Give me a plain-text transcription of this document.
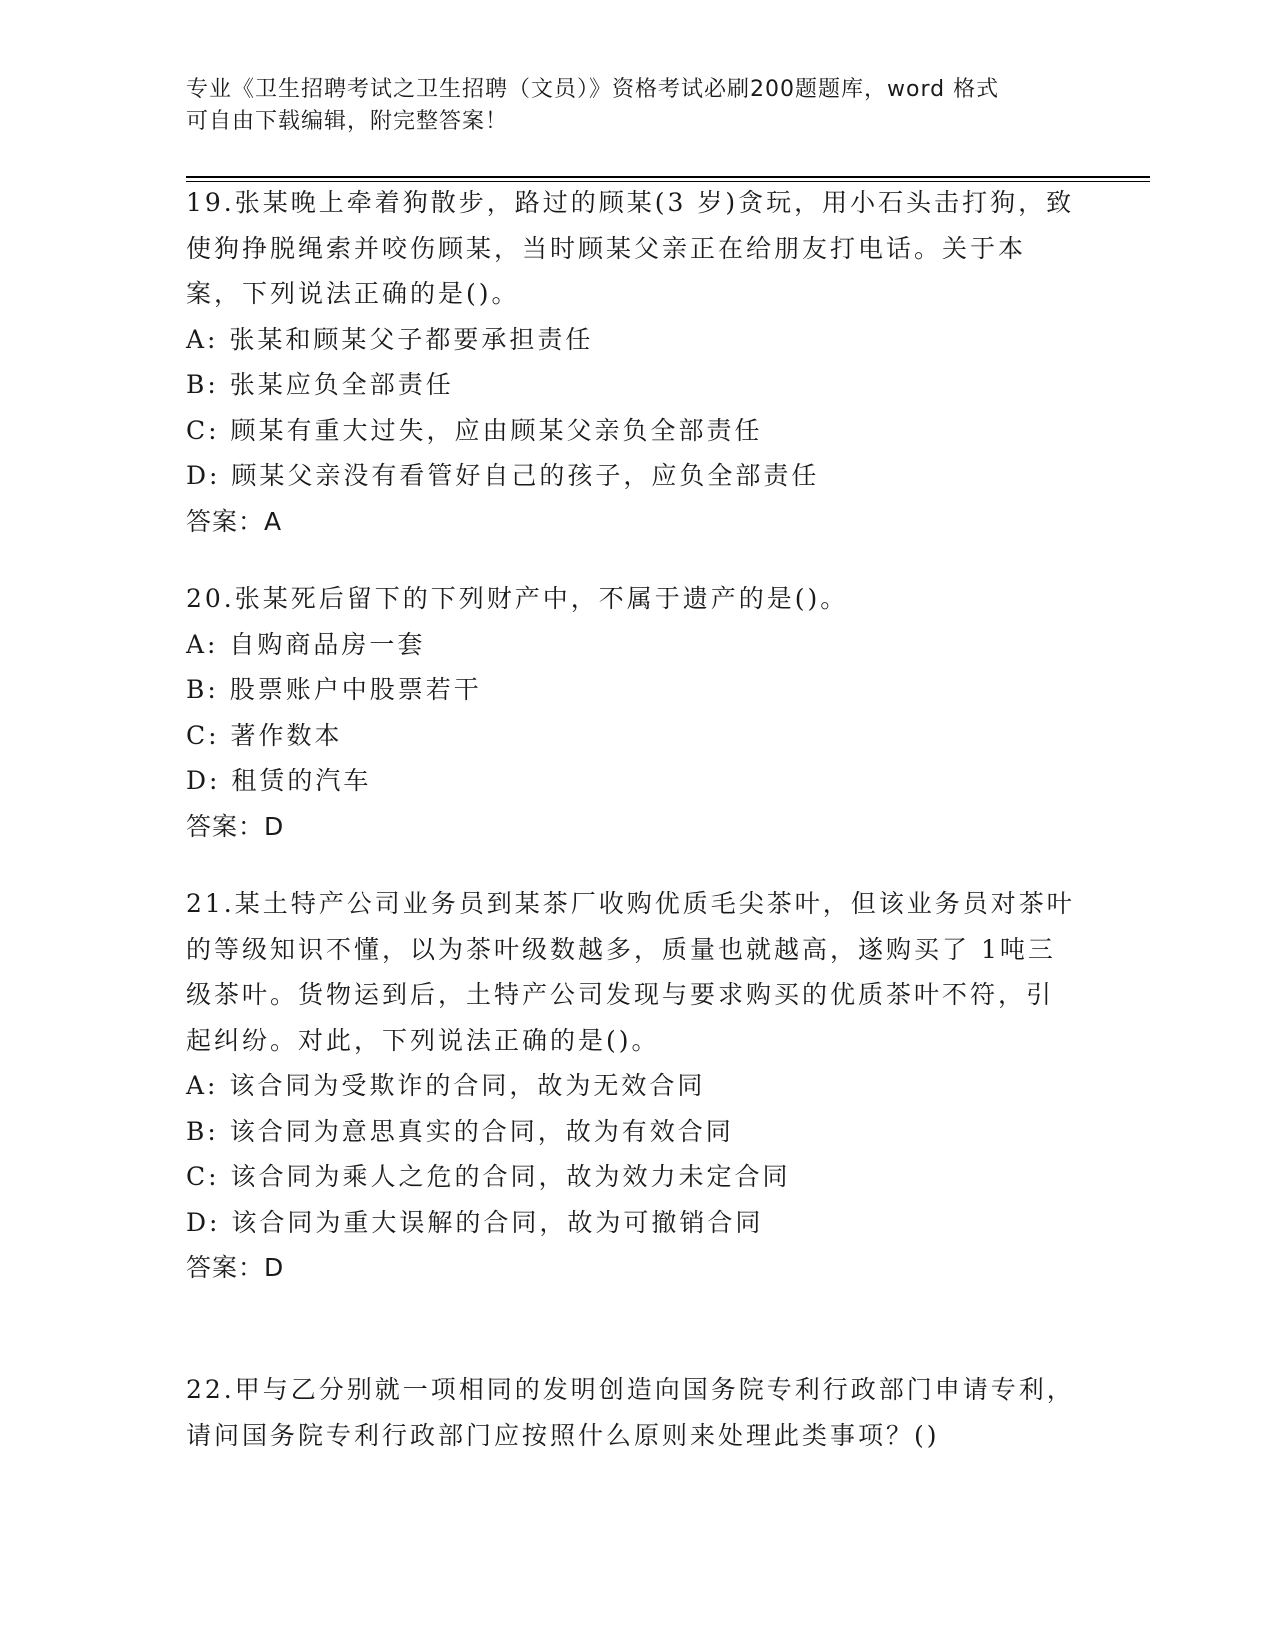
专业《卫生招聘考试之卫生招聘（文员）》资格考试必刷200题题库，word 格式
可自由下载编辑，附完整答案！

19.张某晚上牵着狗散步，路过的顾某(3 岁)贪玩，用小石头击打狗，致使狗挣脱绳索并咬伤顾某，当时顾某父亲正在给朋友打电话。关于本案，下列说法正确的是()。

A: 张某和顾某父子都要承担责任

B: 张某应负全部责任

C: 顾某有重大过失，应由顾某父亲负全部责任

D: 顾某父亲没有看管好自己的孩子，应负全部责任

答案：A

20.张某死后留下的下列财产中，不属于遗产的是()。

A: 自购商品房一套

B: 股票账户中股票若干

C: 著作数本

D: 租赁的汽车

答案：D

21.某土特产公司业务员到某茶厂收购优质毛尖茶叶，但该业务员对茶叶的等级知识不懂，以为茶叶级数越多，质量也就越高，遂购买了 1吨三级茶叶。货物运到后，土特产公司发现与要求购买的优质茶叶不符，引起纠纷。对此，下列说法正确的是()。

A: 该合同为受欺诈的合同，故为无效合同

B: 该合同为意思真实的合同，故为有效合同

C: 该合同为乘人之危的合同，故为效力未定合同

D: 该合同为重大误解的合同，故为可撤销合同

答案：D

22.甲与乙分别就一项相同的发明创造向国务院专利行政部门申请专利，请问国务院专利行政部门应按照什么原则来处理此类事项？()
